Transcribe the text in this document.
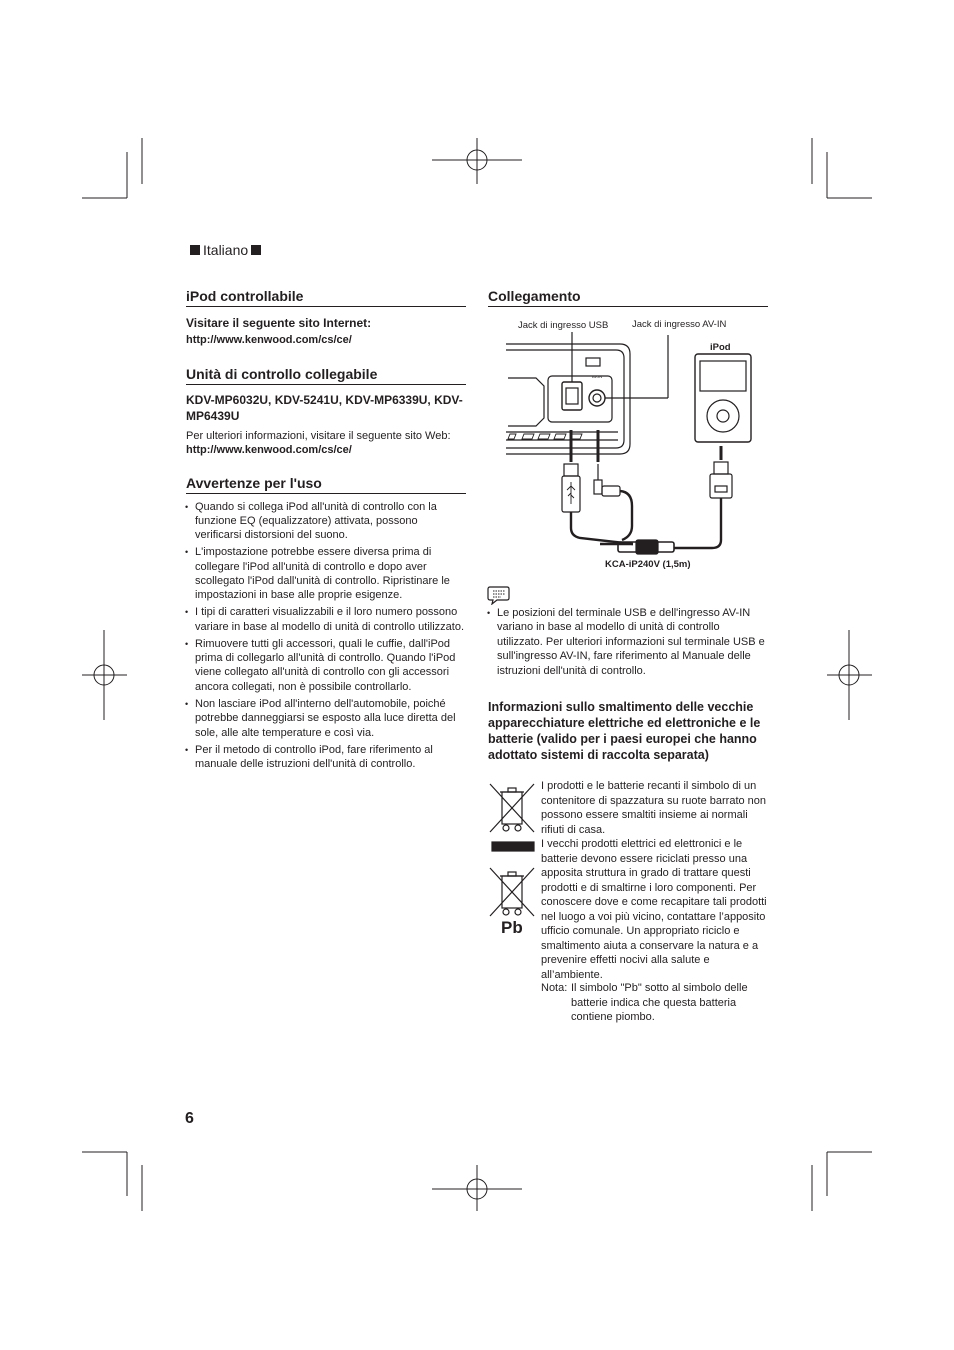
Italiano
iPod controllabile
Visitare il seguente sito Internet:
http://www.kenwood.com/cs/ce/
Unità di controllo collegabile
KDV-MP6032U, KDV-5241U, KDV-MP6339U, KDV-MP6439U
Per ulteriori informazioni, visitare il seguente sito Web:
http://www.kenwood.com/cs/ce/
Avvertenze per l'uso
• Quando si collega iPod all'unità di controllo con la funzione EQ (equalizzatore) attivata, possono verificarsi distorsioni del suono.
• L'impostazione potrebbe essere diversa prima di collegare l'iPod all'unità di controllo e dopo aver scollegato l'iPod dall'unità di controllo. Ripristinare le impostazioni in base alle proprie esigenze.
• I tipi di caratteri visualizzabili e il loro numero possono variare in base al modello di unità di controllo utilizzato.
• Rimuovere tutti gli accessori, quali le cuffie, dall'iPod prima di collegarlo all'unità di controllo. Quando l'iPod viene collegato all'unità di controllo con gli accessori ancora collegati, non è possibile controllarlo.
• Non lasciare iPod all'interno dell'automobile, poiché potrebbe danneggiarsi se esposto alla luce diretta del sole, alle alte temperature e così via.
• Per il metodo di controllo iPod, fare riferimento al manuale delle istruzioni dell'unità di controllo.
Collegamento
Jack di ingresso USB Jack di ingresso AV-IN
iPod
KCA-iP240V (1,5m)
AV-IN
• Le posizioni del terminale USB e dell'ingresso AV-IN variano in base al modello di unità di controllo utilizzato. Per ulteriori informazioni sul terminale USB e sull'ingresso AV-IN, fare riferimento al Manuale delle istruzioni dell'unità di controllo.
Informazioni sullo smaltimento delle vecchie apparecchiature elettriche ed elettroniche e le batterie (valido per i paesi europei che hanno adottato sistemi di raccolta separata)
Pb
I prodotti e le batterie recanti il simbolo di un contenitore di spazzatura su ruote barrato non possono essere smaltiti insieme ai normali rifiuti di casa.
I vecchi prodotti elettrici ed elettronici e le batterie devono essere riciclati presso una apposita struttura in grado di trattare questi prodotti e di smaltirne i loro componenti. Per conoscere dove e come recapitare tali prodotti nel luogo a voi più vicino, contattare l’apposito ufficio comunale. Un appropriato riciclo e smaltimento aiuta a conservare la natura e a prevenire effetti nocivi alla salute e all’ambiente.
Nota: Il simbolo "Pb" sotto al simbolo delle batterie indica che questa batteria contiene piombo.
6
